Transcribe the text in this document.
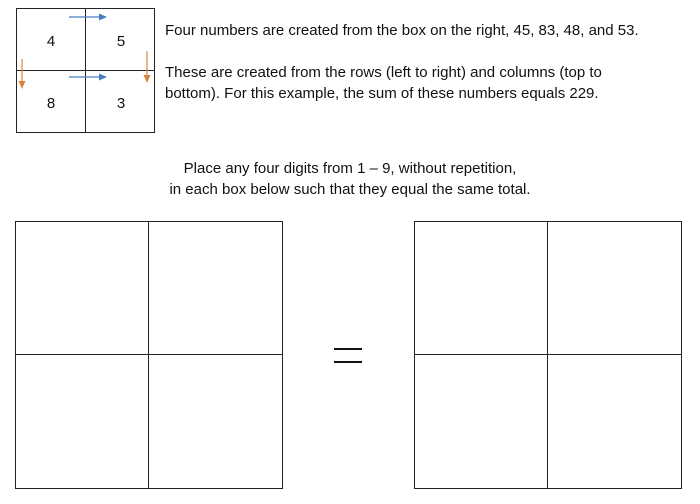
4	5
8	3
Four numbers are created from the box on the right, 45, 83, 48, and 53.
These are created from the rows (left to right) and columns (top to
bottom). For this example, the sum of these numbers equals 229.
Place any four digits from 1 – 9, without repetition,
in each box below such that they equal the same total.
